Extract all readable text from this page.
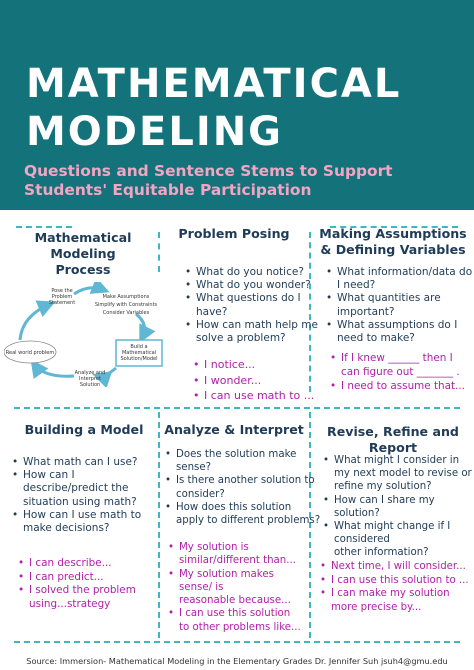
MATHEMATICAL
MODELING

Questions and Sentence Stems to Support
Students' Equitable Participation

Mathematical
Modeling
Process
Pose the
Problem
Statement
Make Assumptions
Simplify with Constraints
Consider Variables
Build a
Mathematical
Solution/Model
Analyze and
Interpret
Solution
Real world problem
Problem Posing
• What do you notice?
• What do you wonder?
• What questions do I
have?
• How can math help me
solve a problem?
• I notice...
• I wonder...
• I can use math to ...
Making Assumptions
& Defining Variables
• What information/data do
I need?
• What quantities are
important?
• What assumptions do I
need to make?
• If I knew ______ then I
can figure out _______ .
• I need to assume that...
Building a Model
• What math can I use?
• How can I
describe/predict the
situation using math?
• How can I use math to
make decisions?
• I can describe...
• I can predict...
• I solved the problem
using...strategy
Analyze & Interpret
• Does the solution make
sense?
• Is there another solution to
consider?
• How does this solution
apply to different problems?
• My solution is
similar/different than...
• My solution makes
sense/ is
reasonable because...
• I can use this solution
to other problems like...
Revise, Refine and
Report
• What might I consider in
my next model to revise or
refine my solution?
• How can I share my
solution?
• What might change if I
considered
other information?
• Next time, I will consider...
• I can use this solution to ...
• I can make my solution
more precise by...
Source: Immersion- Mathematical Modeling in the Elementary Grades Dr. Jennifer Suh jsuh4@gmu.edu
